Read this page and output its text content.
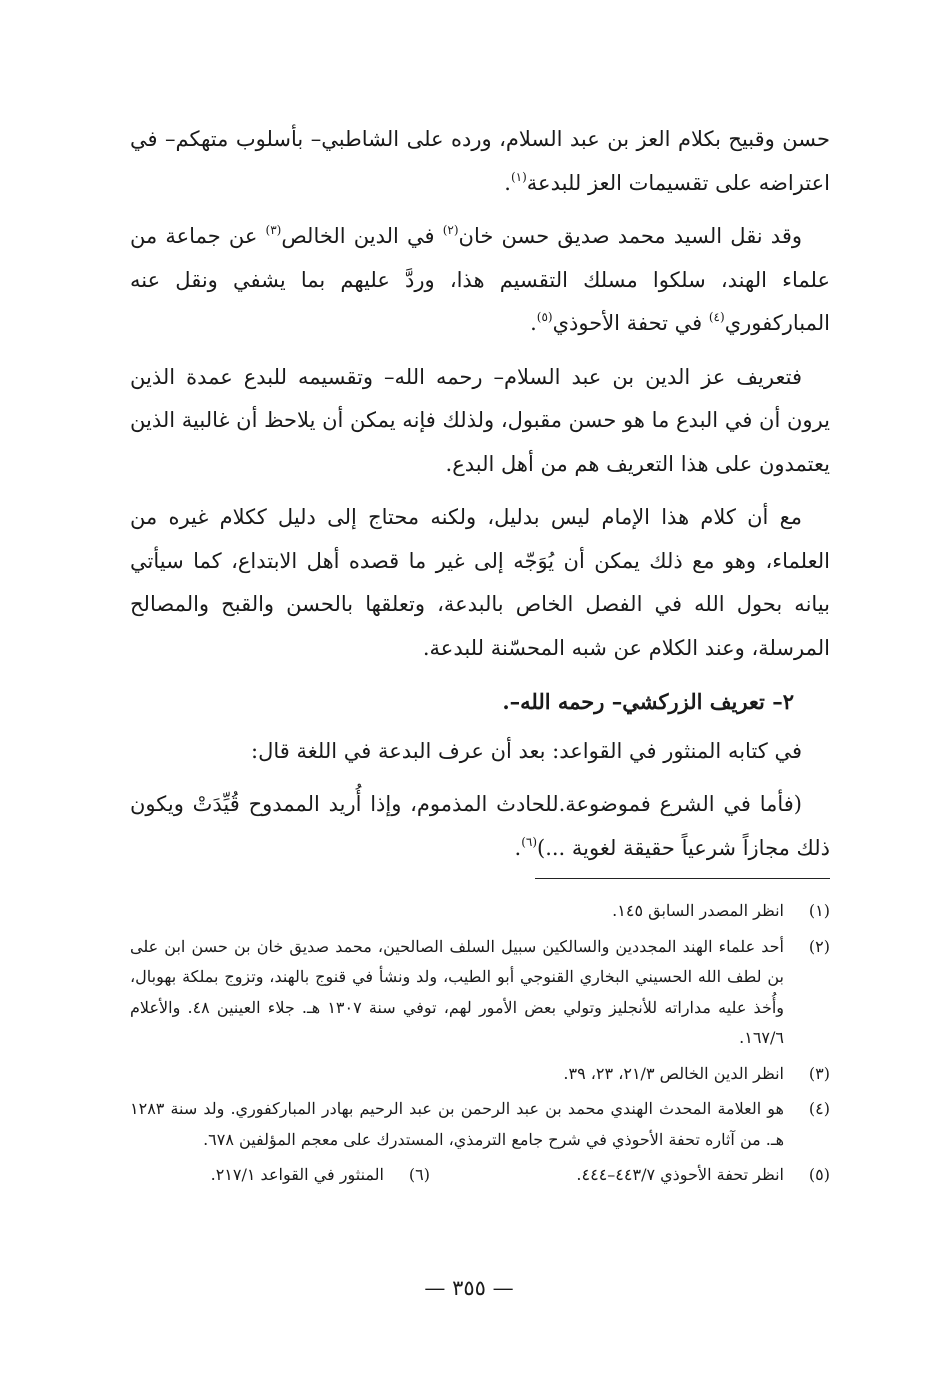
حسن وقبيح بكلام العز بن عبد السلام، ورده على الشاطبي– بأسلوب متهكم– في اعتراضه على تقسيمات العز للبدعة$^{(١)}$.

وقد نقل السيد محمد صديق حسن خان$^{(٢)}$ في الدين الخالص$^{(٣)}$ عن جماعة من علماء الهند، سلكوا مسلك التقسيم هذا، وردَّ عليهم بما يشفي ونقل عنه المباركفوري$^{(٤)}$ في تحفة الأحوذي$^{(٥)}$.

فتعريف عز الدين بن عبد السلام– رحمه الله– وتقسيمه للبدع عمدة الذين يرون أن في البدع ما هو حسن مقبول، ولذلك فإنه يمكن أن يلاحظ أن غالبية الذين يعتمدون على هذا التعريف هم من أهل البدع.

مع أن كلام هذا الإمام ليس بدليل، ولكنه محتاج إلى دليل ككلام غيره من العلماء، وهو مع ذلك يمكن أن يُوَجّه إلى غير ما قصده أهل الابتداع، كما سيأتي بيانه بحول الله في الفصل الخاص بالبدعة، وتعلقها بالحسن والقبح والمصالح المرسلة، وعند الكلام عن شبه المحسّنة للبدعة.

٢– تعريف الزركشي– رحمه الله–.

في كتابه المنثور في القواعد: بعد أن عرف البدعة في اللغة قال:

(فأما في الشرع فموضوعة.للحادث المذموم، وإذا أُريد الممدوح قُيِّدَتْ ويكون ذلك مجازاً شرعياً حقيقة لغوية ...)$^{(٦)}$.

(١)
انظر المصدر السابق ١٤٥.
(٢)
أحد علماء الهند المجددين والسالكين سبيل السلف الصالحين، محمد صديق خان بن حسن ابن على بن لطف الله الحسيني البخاري القنوجي أبو الطيب، ولد ونشأ في قنوج بالهند، وتزوج بملكة بهوبال، وأُخذ عليه مداراته للأنجليز وتولي بعض الأمور لهم، توفي سنة ١٣٠٧ هـ. جلاء العينين ٤٨. والأعلام ١٦٧/٦.
(٣)
انظر الدين الخالص ٢١/٣، ٢٣، ٣٩.
(٤)
هو العلامة المحدث الهندي محمد بن عبد الرحمن بن عبد الرحيم بهادر المباركفوري. ولد سنة ١٢٨٣ هـ. من آثاره تحفة الأحوذي في شرح جامع الترمذي، المستدرك على معجم المؤلفين ٦٧٨.
(٥)
انظر تحفة الأحوذي ٤٤٣/٧–٤٤٤.
(٦)
المنثور في القواعد ٢١٧/١.
— ٣٥٥ —
